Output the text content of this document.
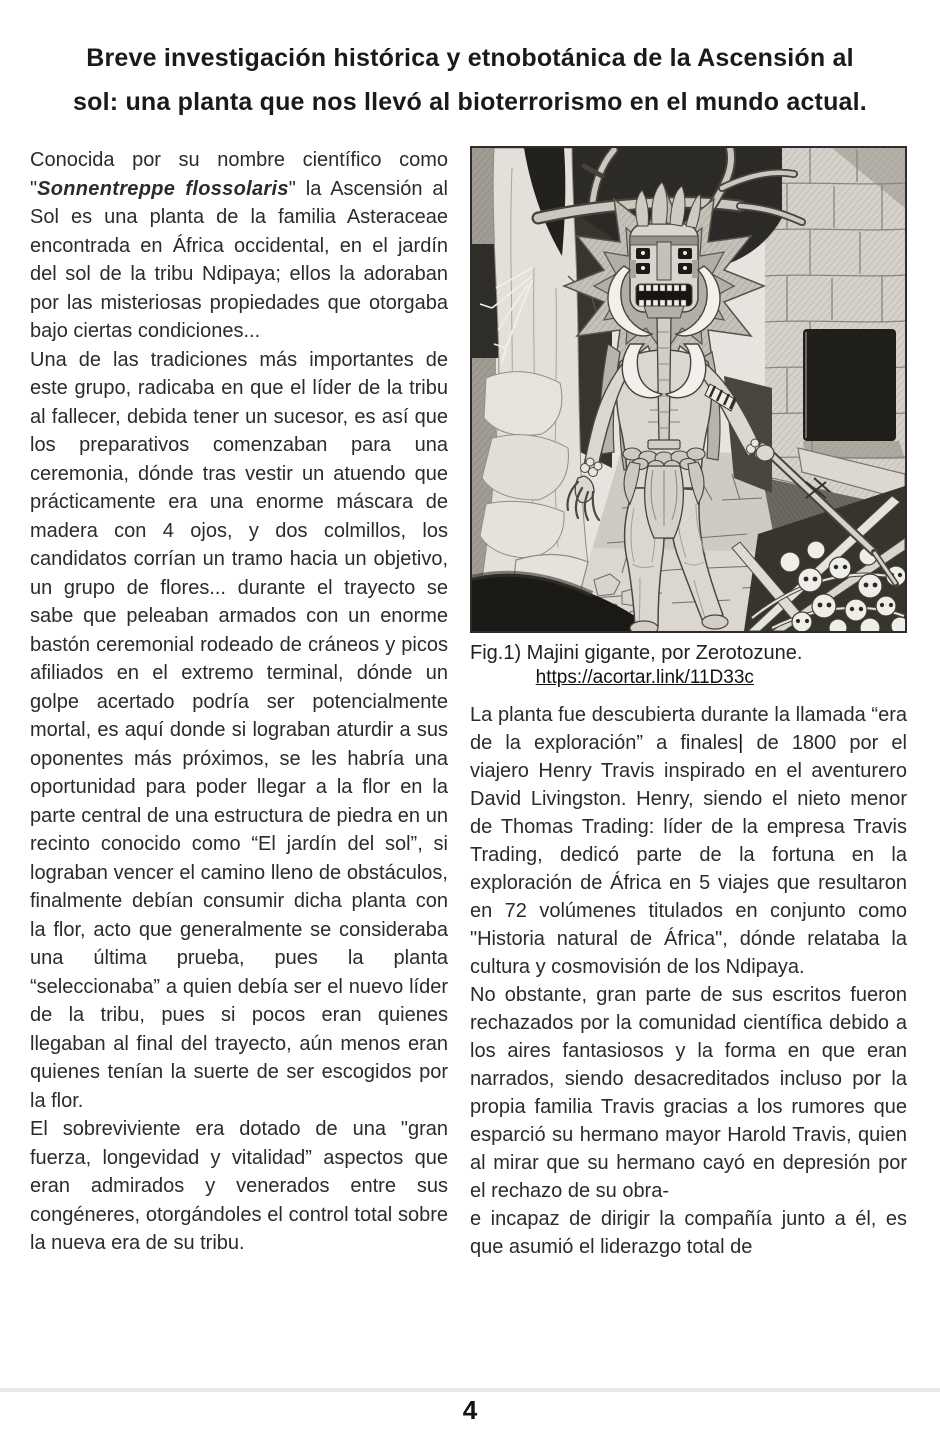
Breve investigación histórica y etnobotánica de la Ascensión al sol: una planta que nos llevó al bioterrorismo en el mundo actual.

Conocida por su nombre científico como "Sonnentreppe flossolaris" la Ascensión al Sol es una planta de la familia Asteraceae encontrada en África occidental, en el jardín del sol de la tribu Ndipaya; ellos la adoraban por las misteriosas propiedades que otorgaba bajo ciertas condiciones...

Una de las tradiciones más importantes de este grupo, radicaba en que el líder de la tribu al fallecer, debida tener un sucesor, es así que los preparativos comenzaban para una ceremonia, dónde tras vestir un atuendo que prácticamente era una enorme máscara de madera con 4 ojos, y dos colmillos, los candidatos corrían un tramo hacia un objetivo, un grupo de flores... durante el trayecto se sabe que peleaban armados con un enorme bastón ceremonial rodeado de cráneos y picos afiliados en el extremo terminal, dónde un golpe acertado podría ser potencialmente mortal, es aquí donde si lograban aturdir a sus oponentes más próximos, se les habría una oportunidad para poder llegar a la flor en la parte central de una estructura de piedra en un recinto conocido como “El jardín del sol”, si lograban vencer el camino lleno de obstáculos, finalmente debían consumir dicha planta con la flor, acto que generalmente se consideraba una última prueba, pues la planta “seleccionaba” a quien debía ser el nuevo líder de la tribu, pues si pocos eran quienes llegaban al final del trayecto, aún menos eran quienes tenían la suerte de ser escogidos por la flor.

El sobreviviente era dotado de una "gran fuerza, longevidad y vitalidad” aspectos que eran admirados y venerados entre sus congéneres, otorgándoles el control total sobre la nueva era de su tribu.

Fig.1) Majini gigante, por Zerotozune.
https://acortar.link/11D33c

La planta fue descubierta durante la llamada “era de la exploración” a finales| de 1800 por el viajero Henry Travis inspirado en el aventurero David Livingston. Henry, siendo el nieto menor de Thomas Trading: líder de la empresa Travis Trading, dedicó parte de la fortuna en la exploración de África en 5 viajes que resultaron en 72 volúmenes titulados en conjunto como "Historia natural de África", dónde relataba la cultura y cosmovisión de los Ndipaya.

No obstante, gran parte de sus escritos fueron rechazados por la comunidad científica debido a los aires fantasiosos y la forma en que eran narrados, siendo desacreditados incluso por la propia familia Travis gracias a los rumores que esparció su hermano mayor Harold Travis, quien al mirar que su hermano cayó en depresión por el rechazo de su obra-

e incapaz de dirigir la compañía junto a él, es que asumió el liderazgo total de

4
